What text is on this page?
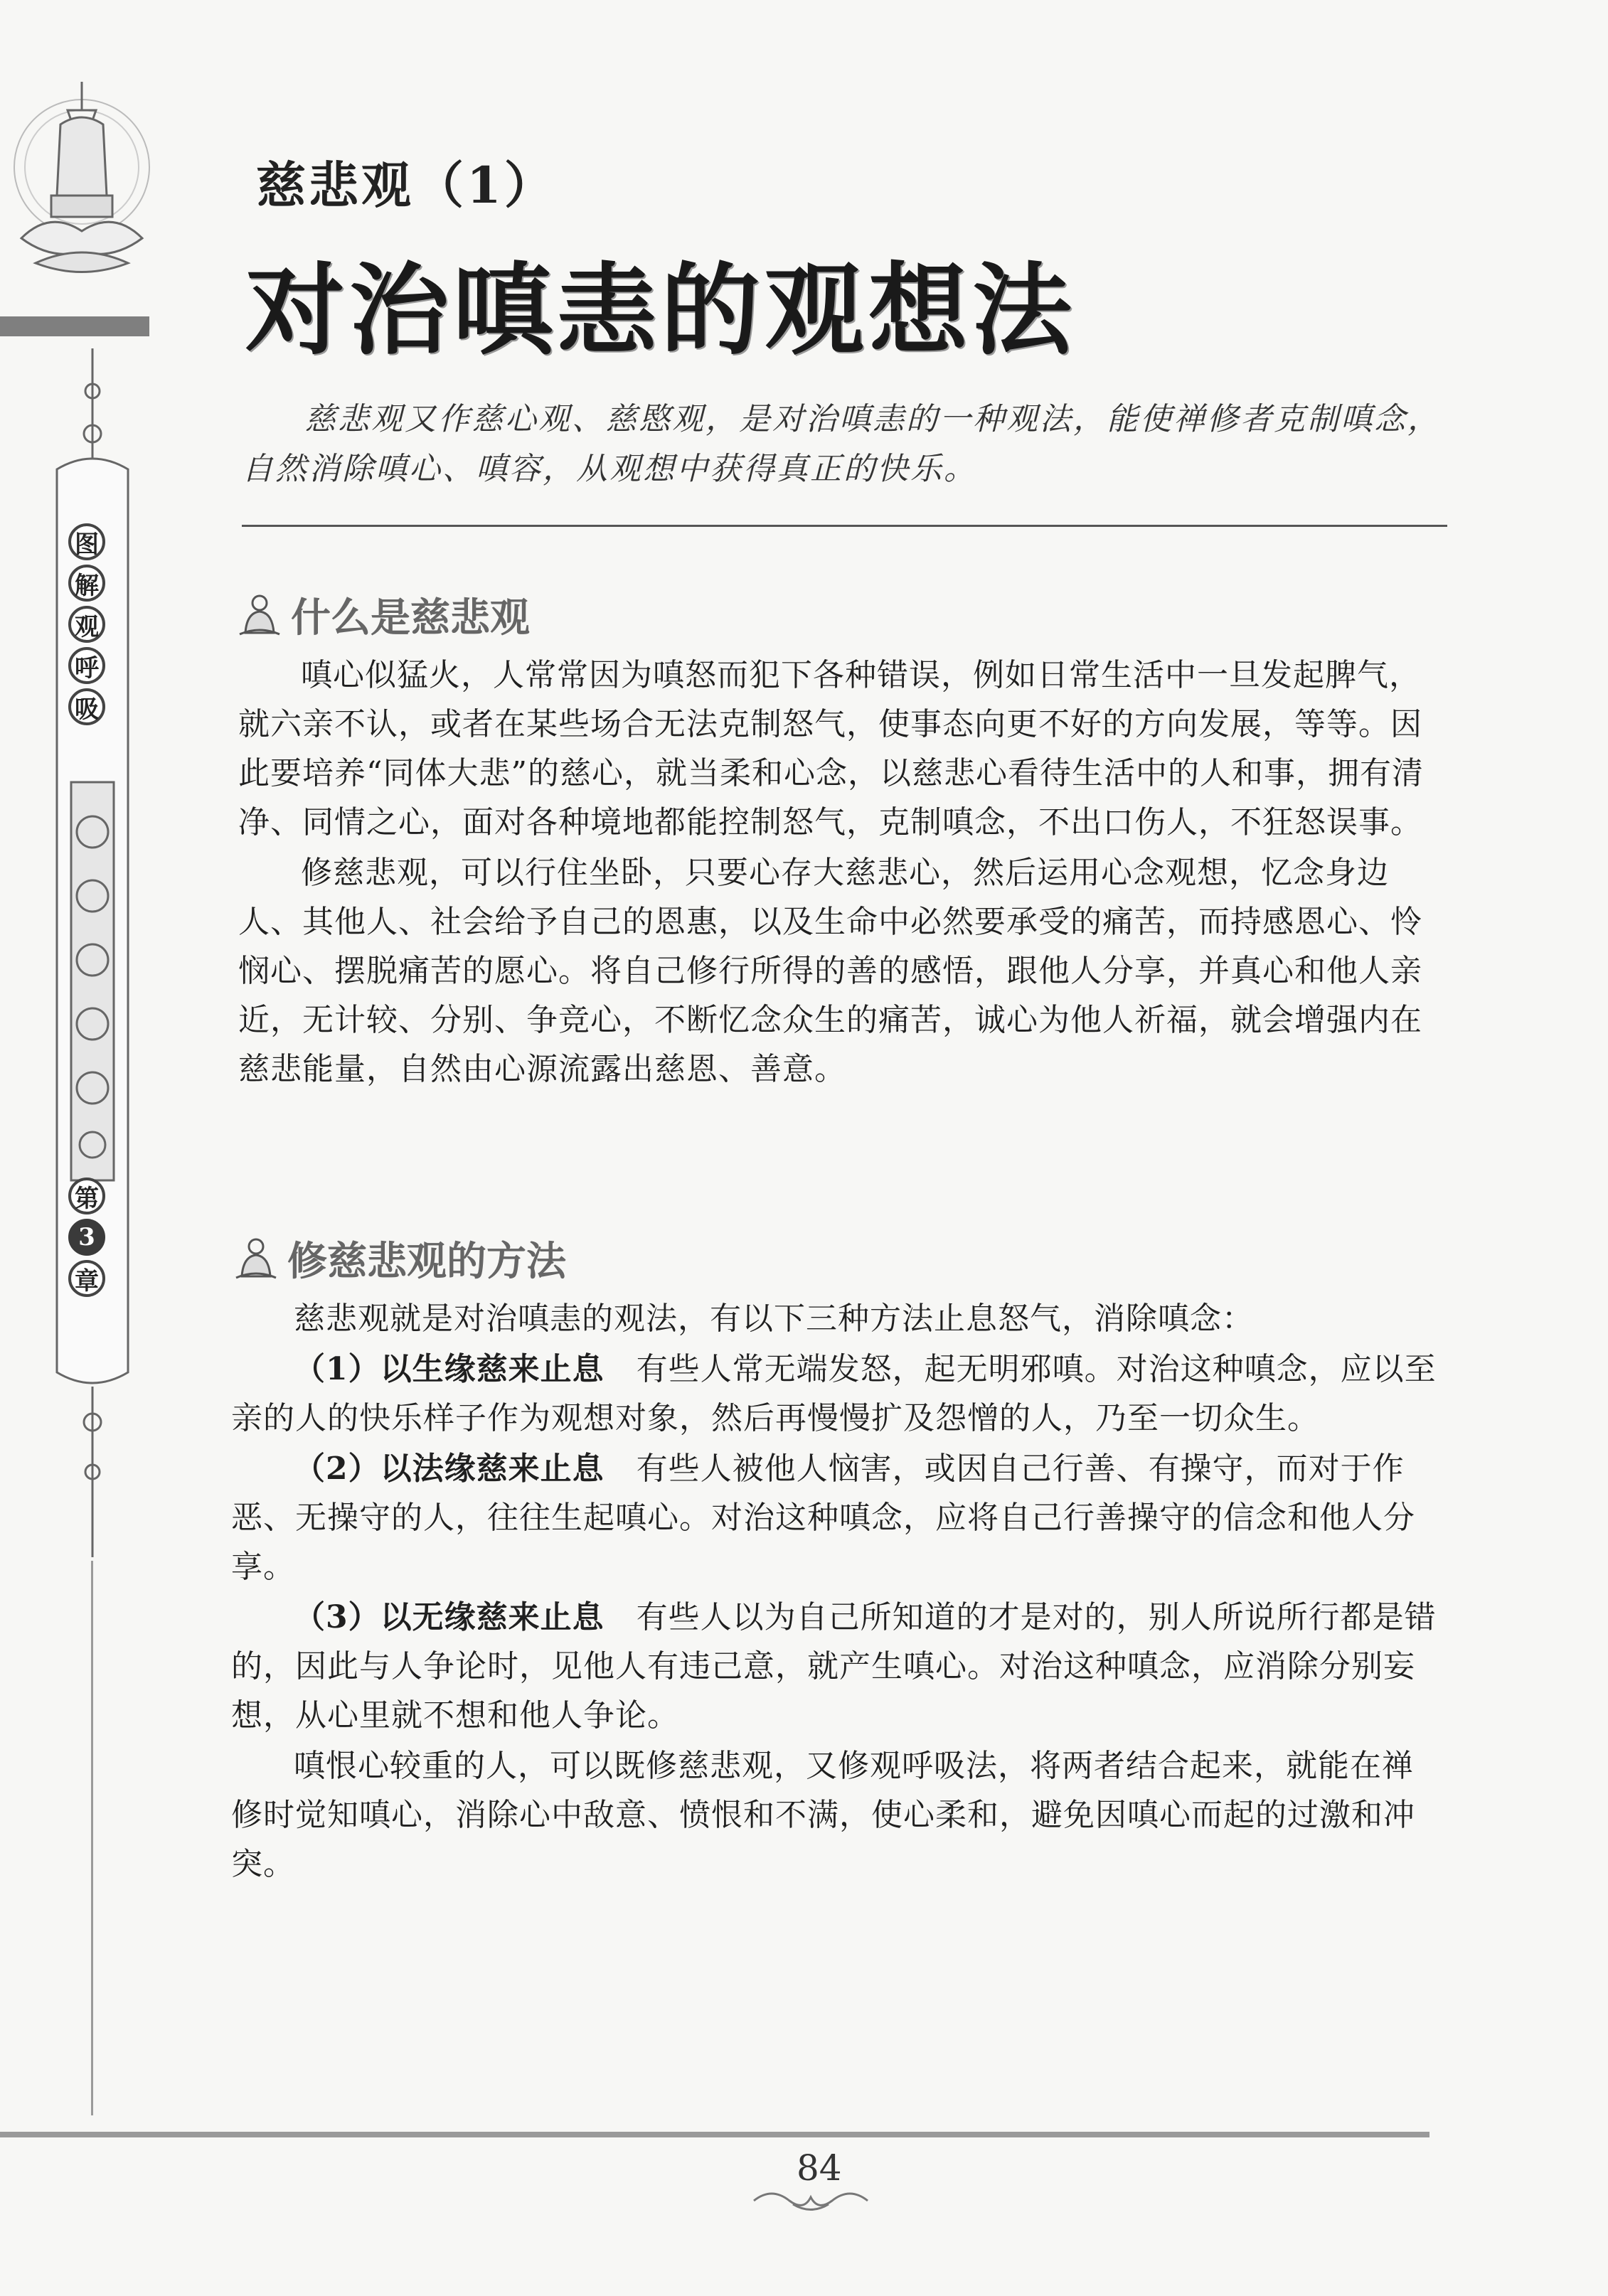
图
解
观
呼
吸
第
3
章
慈悲观（1）
对治嗔恚的观想法

慈悲观又作慈心观、慈愍观，是对治嗔恚的一种观法，能使禅修者克制嗔念，自然消除嗔心、嗔容，从观想中获得真正的快乐。

什么是慈悲观

嗔心似猛火，人常常因为嗔怒而犯下各种错误，例如日常生活中一旦发起脾气，就六亲不认，或者在某些场合无法克制怒气，使事态向更不好的方向发展，等等。因此要培养“同体大悲”的慈心，就当柔和心念，以慈悲心看待生活中的人和事，拥有清净、同情之心，面对各种境地都能控制怒气，克制嗔念，不出口伤人，不狂怒误事。

修慈悲观，可以行住坐卧，只要心存大慈悲心，然后运用心念观想，忆念身边人、其他人、社会给予自己的恩惠，以及生命中必然要承受的痛苦，而持感恩心、怜悯心、摆脱痛苦的愿心。将自己修行所得的善的感悟，跟他人分享，并真心和他人亲近，无计较、分别、争竞心，不断忆念众生的痛苦，诚心为他人祈福，就会增强内在慈悲能量，自然由心源流露出慈恩、善意。

修慈悲观的方法

慈悲观就是对治嗔恚的观法，有以下三种方法止息怒气，消除嗔念：

（1）以生缘慈来止息　 有些人常无端发怒，起无明邪嗔。对治这种嗔念，应以至亲的人的快乐样子作为观想对象，然后再慢慢扩及怨憎的人，乃至一切众生。

（2）以法缘慈来止息　 有些人被他人恼害，或因自己行善、有操守，而对于作恶、无操守的人，往往生起嗔心。对治这种嗔念，应将自己行善操守的信念和他人分享。

（3）以无缘慈来止息　 有些人以为自己所知道的才是对的，别人所说所行都是错的，因此与人争论时，见他人有违己意，就产生嗔心。对治这种嗔念，应消除分别妄想，从心里就不想和他人争论。

嗔恨心较重的人，可以既修慈悲观，又修观呼吸法，将两者结合起来，就能在禅修时觉知嗔心，消除心中敌意、愤恨和不满，使心柔和，避免因嗔心而起的过激和冲突。

84
